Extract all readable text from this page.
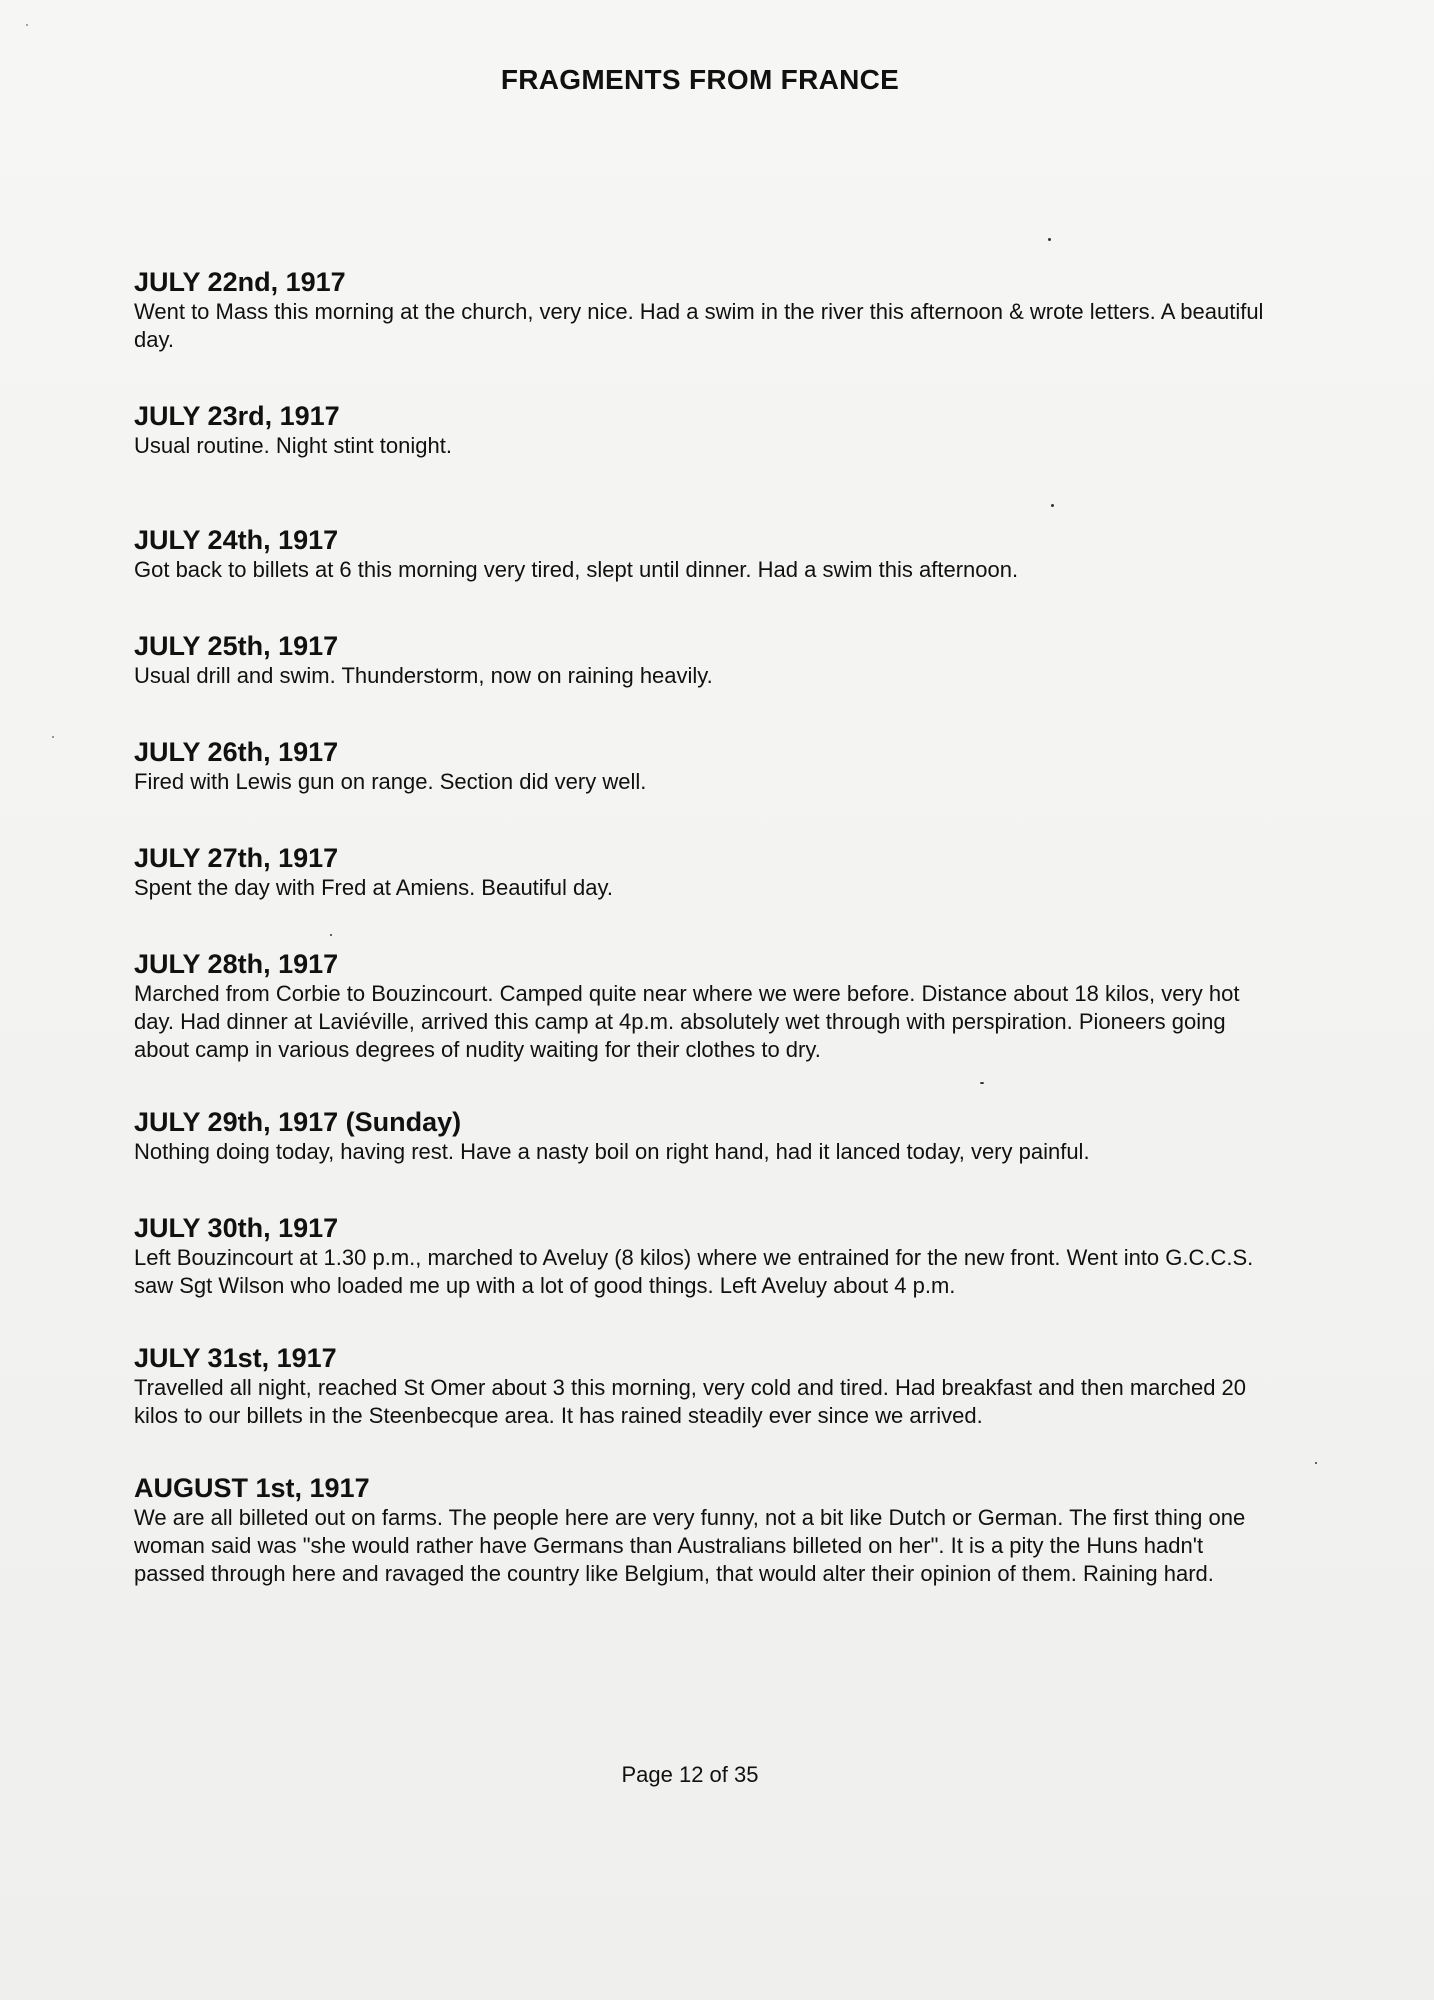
FRAGMENTS FROM FRANCE

JULY 22nd, 1917

Went to Mass this morning at the church, very nice. Had a swim in the river this afternoon & wrote letters. A beautiful day.

JULY 23rd, 1917

Usual routine. Night stint tonight.

JULY 24th, 1917

Got back to billets at 6 this morning very tired, slept until dinner. Had a swim this afternoon.

JULY 25th, 1917

Usual drill and swim. Thunderstorm, now on raining heavily.

JULY 26th, 1917

Fired with Lewis gun on range. Section did very well.

JULY 27th, 1917

Spent the day with Fred at Amiens. Beautiful day.

JULY 28th, 1917

Marched from Corbie to Bouzincourt. Camped quite near where we were before. Distance about 18 kilos, very hot day. Had dinner at Laviéville, arrived this camp at 4p.m. absolutely wet through with perspiration. Pioneers going about camp in various degrees of nudity waiting for their clothes to dry.

JULY 29th, 1917 (Sunday)

Nothing doing today, having rest. Have a nasty boil on right hand, had it lanced today, very painful.

JULY 30th, 1917

Left Bouzincourt at 1.30 p.m., marched to Aveluy (8 kilos) where we entrained for the new front. Went into G.C.C.S. saw Sgt Wilson who loaded me up with a lot of good things. Left Aveluy about 4 p.m.

JULY 31st, 1917

Travelled all night, reached St Omer about 3 this morning, very cold and tired. Had breakfast and then marched 20 kilos to our billets in the Steenbecque area. It has rained steadily ever since we arrived.

AUGUST 1st, 1917

We are all billeted out on farms. The people here are very funny, not a bit like Dutch or German. The first thing one woman said was "she would rather have Germans than Australians billeted on her". It is a pity the Huns hadn't passed through here and ravaged the country like Belgium, that would alter their opinion of them. Raining hard.

Page 12 of 35
